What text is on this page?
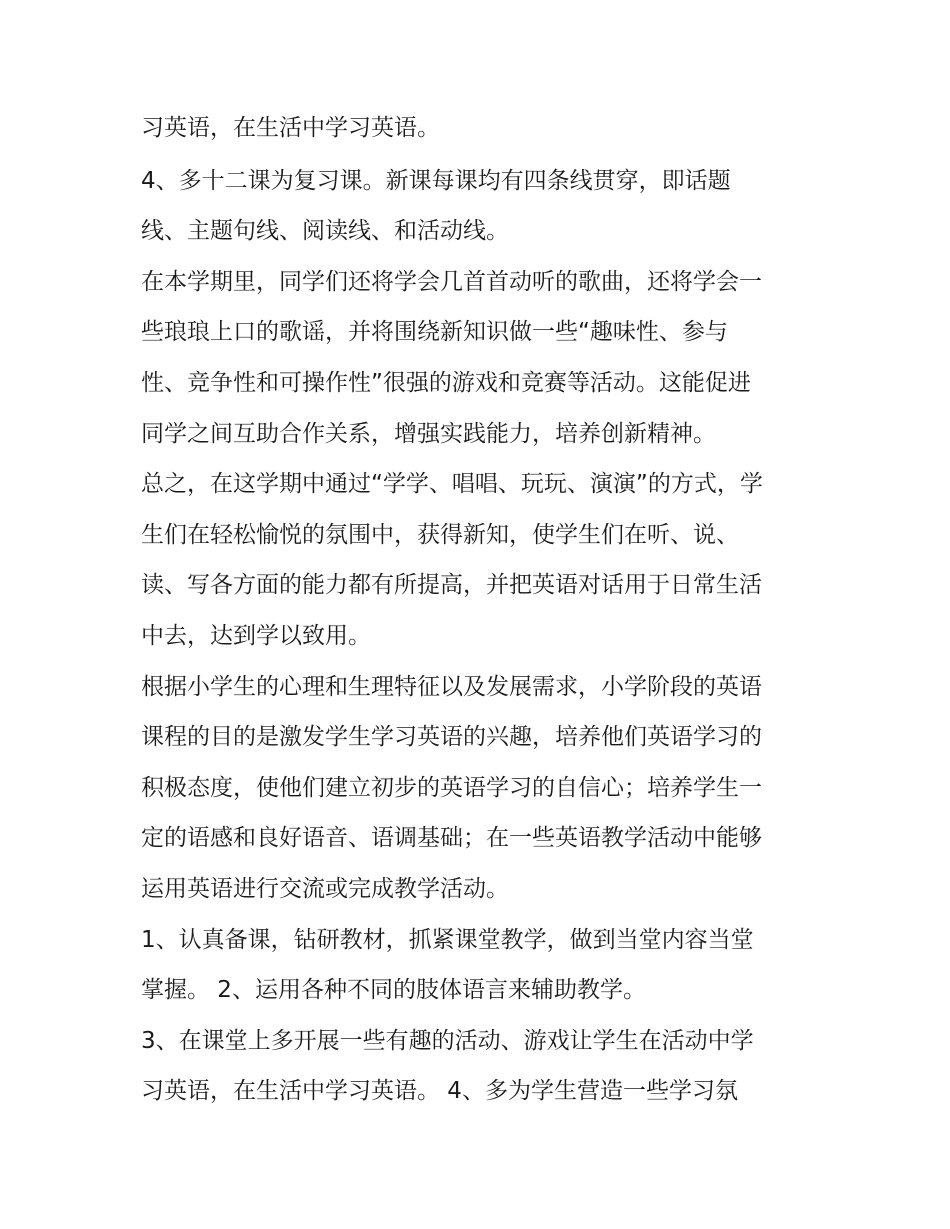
习英语，在生活中学习英语。
4、多十二课为复习课。新课每课均有四条线贯穿，即话题
线、主题句线、阅读线、和活动线。
在本学期里，同学们还将学会几首首动听的歌曲，还将学会一
些琅琅上口的歌谣，并将围绕新知识做一些“趣味性、参与
性、竞争性和可操作性”很强的游戏和竞赛等活动。这能促进
同学之间互助合作关系，增强实践能力，培养创新精神。
总之，在这学期中通过“学学、唱唱、玩玩、演演”的方式，学
生们在轻松愉悦的氛围中，获得新知，使学生们在听、说、
读、写各方面的能力都有所提高，并把英语对话用于日常生活
中去，达到学以致用。
根据小学生的心理和生理特征以及发展需求，小学阶段的英语
课程的目的是激发学生学习英语的兴趣，培养他们英语学习的
积极态度，使他们建立初步的英语学习的自信心；培养学生一
定的语感和良好语音、语调基础；在一些英语教学活动中能够
运用英语进行交流或完成教学活动。
1、认真备课，钻研教材，抓紧课堂教学，做到当堂内容当堂
掌握。 2、运用各种不同的肢体语言来辅助教学。
3、在课堂上多开展一些有趣的活动、游戏让学生在活动中学
习英语，在生活中学习英语。 4、多为学生营造一些学习氛
